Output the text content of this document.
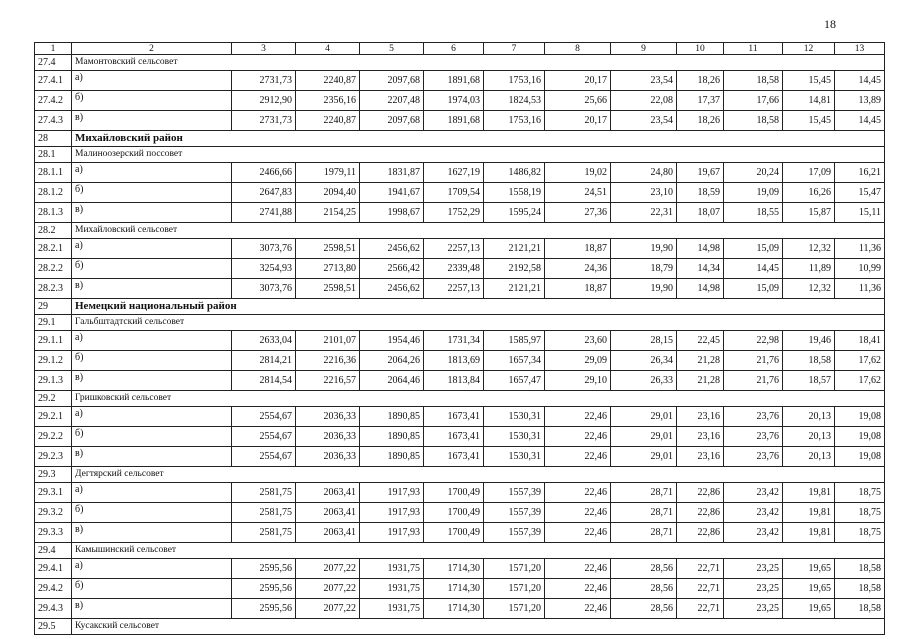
18
1	2	3	4	5	6	7	8	9	10	11	12	13
27.4	Мамонтовский сельсовет											
27.4.1	а)	2731,73	2240,87	2097,68	1891,68	1753,16	20,17	23,54	18,26	18,58	15,45	14,45
27.4.2	б)	2912,90	2356,16	2207,48	1974,03	1824,53	25,66	22,08	17,37	17,66	14,81	13,89
27.4.3	в)	2731,73	2240,87	2097,68	1891,68	1753,16	20,17	23,54	18,26	18,58	15,45	14,45
28	Михайловский район											
28.1	Малиноозерский поссовет											
28.1.1	а)	2466,66	1979,11	1831,87	1627,19	1486,82	19,02	24,80	19,67	20,24	17,09	16,21
28.1.2	б)	2647,83	2094,40	1941,67	1709,54	1558,19	24,51	23,10	18,59	19,09	16,26	15,47
28.1.3	в)	2741,88	2154,25	1998,67	1752,29	1595,24	27,36	22,31	18,07	18,55	15,87	15,11
28.2	Михайловский сельсовет											
28.2.1	а)	3073,76	2598,51	2456,62	2257,13	2121,21	18,87	19,90	14,98	15,09	12,32	11,36
28.2.2	б)	3254,93	2713,80	2566,42	2339,48	2192,58	24,36	18,79	14,34	14,45	11,89	10,99
28.2.3	в)	3073,76	2598,51	2456,62	2257,13	2121,21	18,87	19,90	14,98	15,09	12,32	11,36
29	Немецкий национальный район											
29.1	Гальбштадтский сельсовет											
29.1.1	а)	2633,04	2101,07	1954,46	1731,34	1585,97	23,60	28,15	22,45	22,98	19,46	18,41
29.1.2	б)	2814,21	2216,36	2064,26	1813,69	1657,34	29,09	26,34	21,28	21,76	18,58	17,62
29.1.3	в)	2814,54	2216,57	2064,46	1813,84	1657,47	29,10	26,33	21,28	21,76	18,57	17,62
29.2	Гришковский сельсовет											
29.2.1	а)	2554,67	2036,33	1890,85	1673,41	1530,31	22,46	29,01	23,16	23,76	20,13	19,08
29.2.2	б)	2554,67	2036,33	1890,85	1673,41	1530,31	22,46	29,01	23,16	23,76	20,13	19,08
29.2.3	в)	2554,67	2036,33	1890,85	1673,41	1530,31	22,46	29,01	23,16	23,76	20,13	19,08
29.3	Дегтярский сельсовет											
29.3.1	а)	2581,75	2063,41	1917,93	1700,49	1557,39	22,46	28,71	22,86	23,42	19,81	18,75
29.3.2	б)	2581,75	2063,41	1917,93	1700,49	1557,39	22,46	28,71	22,86	23,42	19,81	18,75
29.3.3	в)	2581,75	2063,41	1917,93	1700,49	1557,39	22,46	28,71	22,86	23,42	19,81	18,75
29.4	Камышинский сельсовет											
29.4.1	а)	2595,56	2077,22	1931,75	1714,30	1571,20	22,46	28,56	22,71	23,25	19,65	18,58
29.4.2	б)	2595,56	2077,22	1931,75	1714,30	1571,20	22,46	28,56	22,71	23,25	19,65	18,58
29.4.3	в)	2595,56	2077,22	1931,75	1714,30	1571,20	22,46	28,56	22,71	23,25	19,65	18,58
29.5	Кусакский сельсовет											
